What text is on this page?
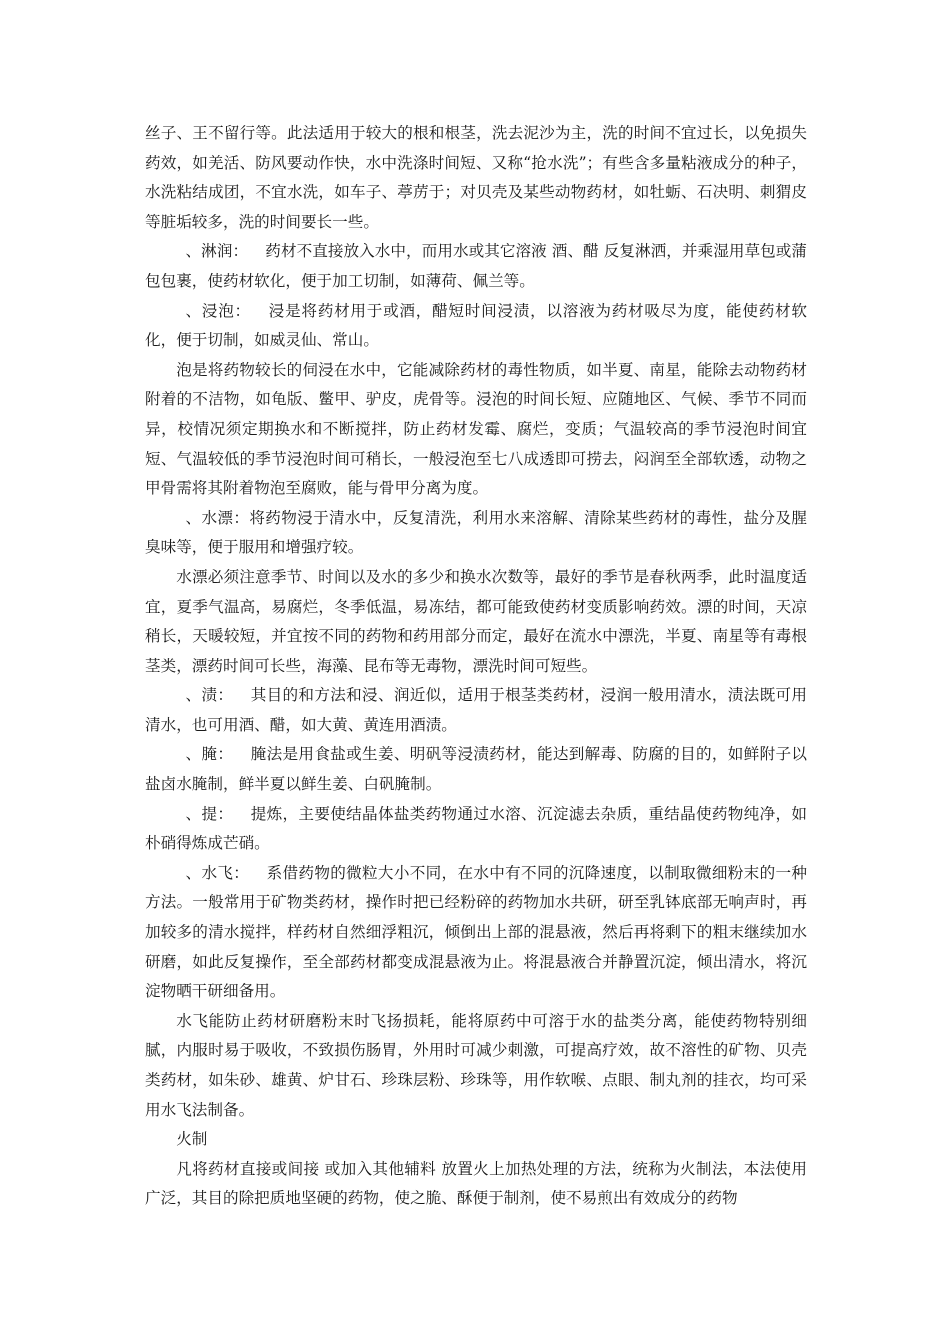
丝子、王不留行等。此法适用于较大的根和根茎，洗去泥沙为主，洗的时间不宜过长，以免损失药效，如羌活、防风要动作快，水中洗涤时间短、又称“抢水洗”；有些含多量粘液成分的种子，水洗粘结成团，不宜水洗，如车子、葶苈于；对贝壳及某些动物药材，如牡蛎、石决明、刺猬皮等脏垢较多，洗的时间要长一些。

、淋润： 药材不直接放入水中，而用水或其它溶液 酒、醋 反复淋洒，并乘湿用草包或蒲包包裹，使药材软化，便于加工切制，如薄荷、佩兰等。

、浸泡： 浸是将药材用于或酒，醋短时间浸渍，以溶液为药材吸尽为度，能使药材软化，便于切制，如威灵仙、常山。

泡是将药物较长的伺浸在水中，它能减除药材的毒性物质，如半夏、南星，能除去动物药材附着的不洁物，如龟版、鳖甲、驴皮，虎骨等。浸泡的时间长短、应随地区、气候、季节不同而异，校情况须定期换水和不断搅拌，防止药材发霉、腐烂，变质；气温较高的季节浸泡时间宜短、气温较低的季节浸泡时间可稍长，一般浸泡至七八成透即可捞去，闷润至全部软透，动物之甲骨需将其附着物泡至腐败，能与骨甲分离为度。

、水漂：将药物浸于清水中，反复清洗，利用水来溶解、清除某些药材的毒性，盐分及腥臭味等，便于服用和增强疗较。

水漂必须注意季节、时间以及水的多少和换水次数等，最好的季节是春秋两季，此时温度适宜，夏季气温高，易腐烂，冬季低温，易冻结，都可能致使药材变质影响药效。漂的时间，天凉稍长，天暖较短，并宜按不同的药物和药用部分而定，最好在流水中漂洗，半夏、南星等有毒根茎类，漂药时间可长些，海藻、昆布等无毒物，漂洗时间可短些。

、渍： 其目的和方法和浸、润近似，适用于根茎类药材，浸润一般用清水，渍法既可用清水，也可用酒、醋，如大黄、黄连用酒渍。

、腌： 腌法是用食盐或生姜、明矾等浸渍药材，能达到解毒、防腐的目的，如鲜附子以盐卤水腌制，鲜半夏以鲜生姜、白矾腌制。

、提： 提炼，主要使结晶体盐类药物通过水溶、沉淀滤去杂质，重结晶使药物纯净，如朴硝得炼成芒硝。

、水飞： 系借药物的微粒大小不同，在水中有不同的沉降速度，以制取微细粉末的一种方法。一般常用于矿物类药材，操作时把已经粉碎的药物加水共研，研至乳钵底部无响声时，再加较多的清水搅拌，样药材自然细浮粗沉，倾倒出上部的混悬液，然后再将剩下的粗末继续加水研磨，如此反复操作，至全部药材都变成混悬液为止。将混悬液合并静置沉淀，倾出清水，将沉淀物晒干研细备用。

水飞能防止药材研磨粉末时飞扬损耗，能将原药中可溶于水的盐类分离，能使药物特别细腻，内服时易于吸收，不致损伤肠胃，外用时可减少刺激，可提高疗效，故不溶性的矿物、贝壳类药材，如朱砂、雄黄、炉甘石、珍珠层粉、珍珠等，用作软喉、点眼、制丸剂的挂衣，均可采用水飞法制备。

火制

凡将药材直接或间接 或加入其他辅料 放置火上加热处理的方法，统称为火制法，本法使用广泛，其目的除把质地坚硬的药物，使之脆、酥便于制剂，使不易煎出有效成分的药物
